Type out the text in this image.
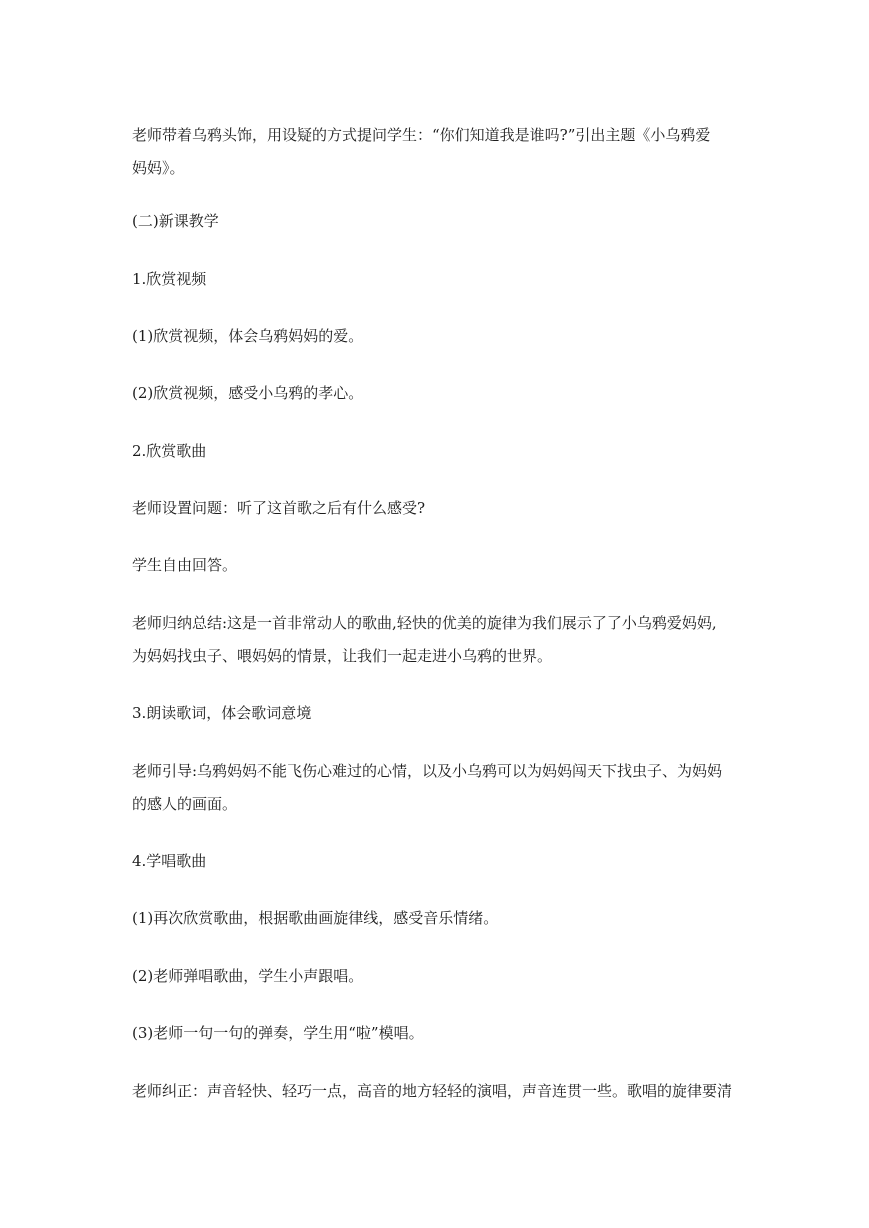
老师带着乌鸦头饰，用设疑的方式提问学生：“你们知道我是谁吗?”引出主题《小乌鸦爱

妈妈》。

(二)新课教学

1.欣赏视频

(1)欣赏视频，体会乌鸦妈妈的爱。

(2)欣赏视频，感受小乌鸦的孝心。

2.欣赏歌曲

老师设置问题：听了这首歌之后有什么感受?

学生自由回答。

老师归纳总结:这是一首非常动人的歌曲,轻快的优美的旋律为我们展示了了小乌鸦爱妈妈,

为妈妈找虫子、喂妈妈的情景，让我们一起走进小乌鸦的世界。

3.朗读歌词，体会歌词意境

老师引导:乌鸦妈妈不能飞伤心难过的心情，以及小乌鸦可以为妈妈闯天下找虫子、为妈妈

的感人的画面。

4.学唱歌曲

(1)再次欣赏歌曲，根据歌曲画旋律线，感受音乐情绪。

(2)老师弹唱歌曲，学生小声跟唱。

(3)老师一句一句的弹奏，学生用“啦”模唱。

老师纠正：声音轻快、轻巧一点，高音的地方轻轻的演唱，声音连贯一些。歌唱的旋律要清
